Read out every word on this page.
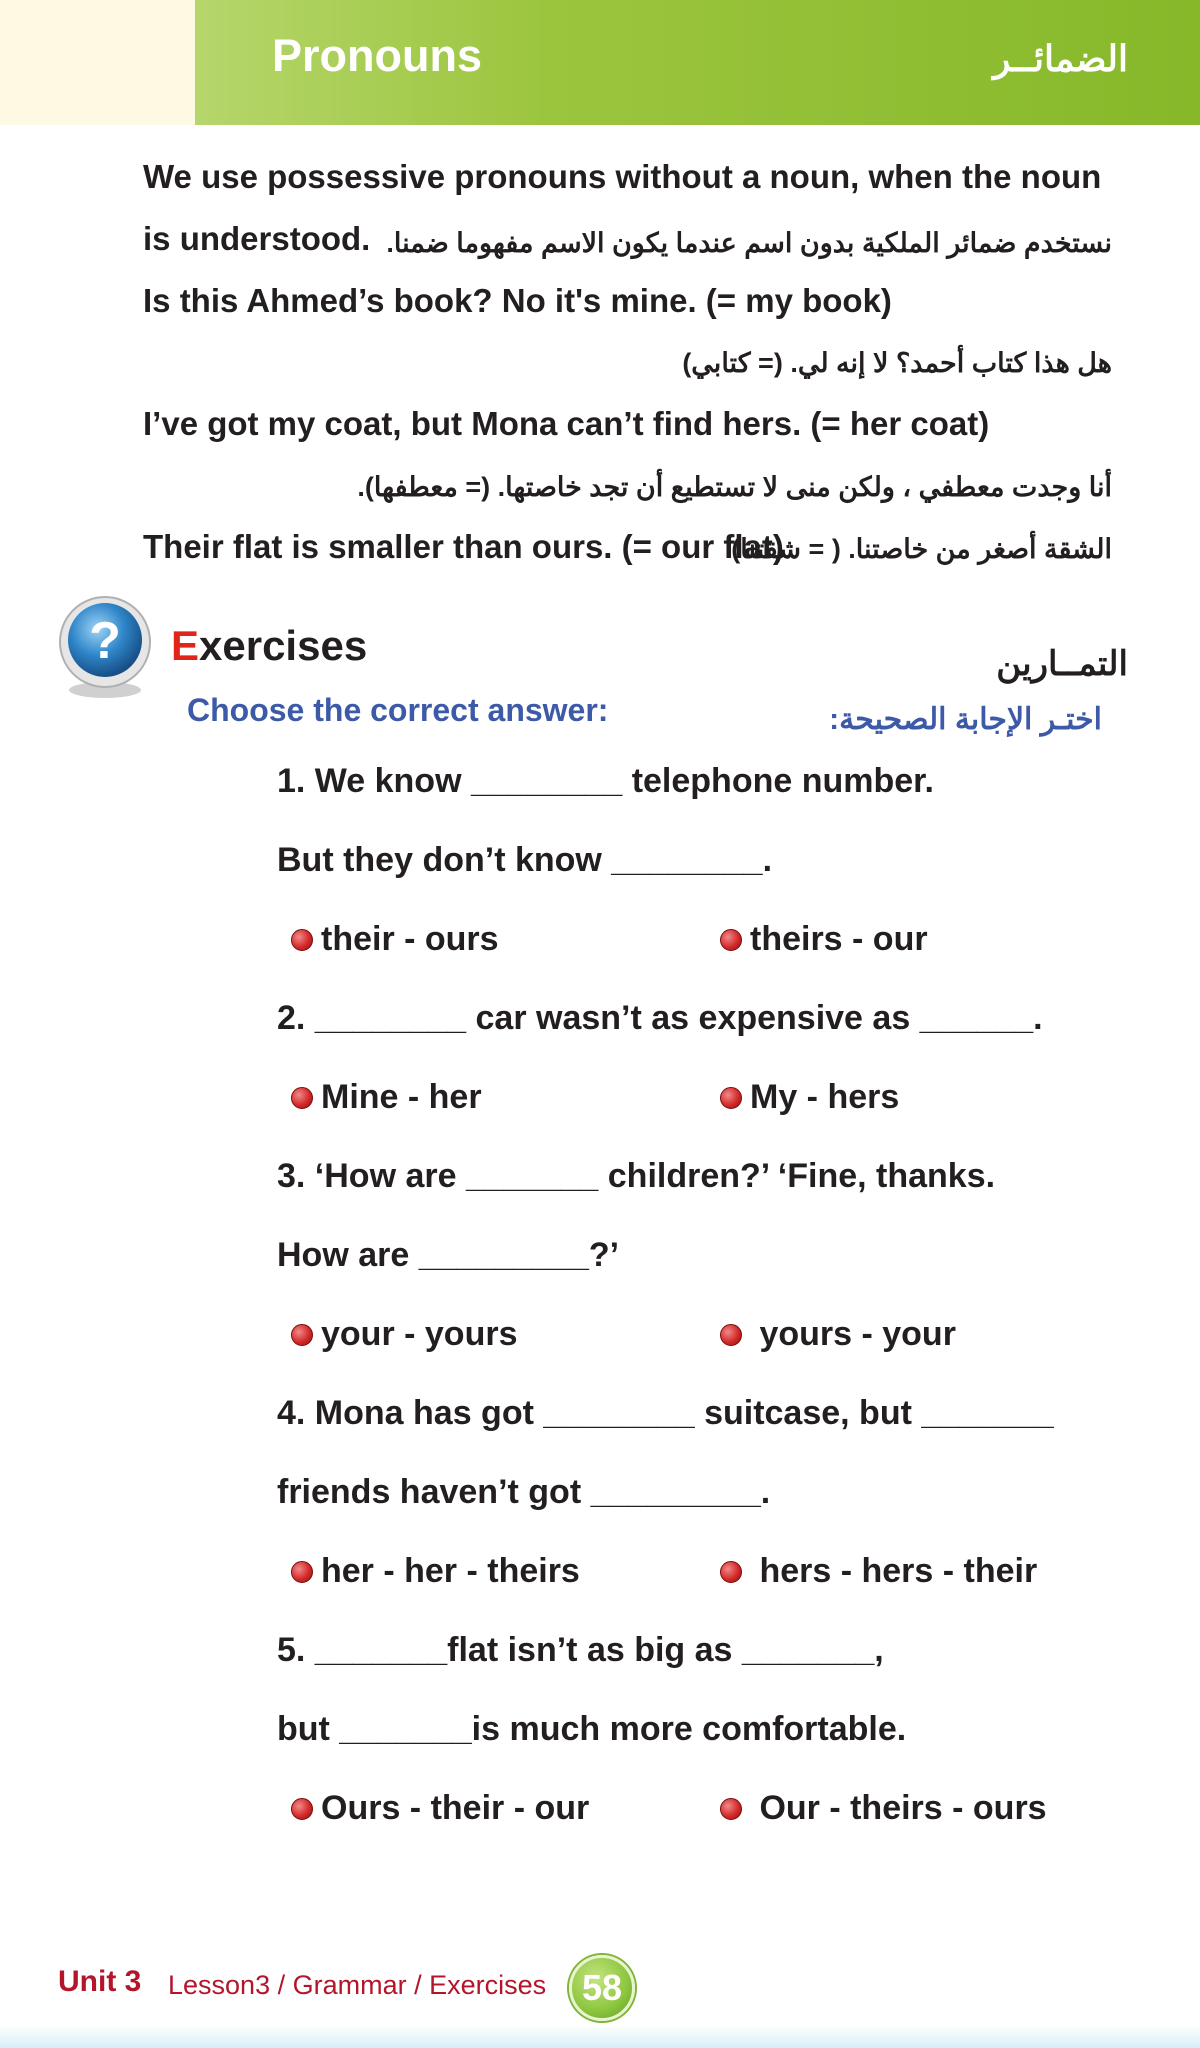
Pronouns	الضمائــر
We use possessive pronouns without a noun, when the noun
is understood. نستخدم ضمائر الملكية بدون اسم عندما يكون الاسم مفهوما ضمنا.
Is this Ahmed’s book? No it's mine. (= my book)
هل هذا كتاب أحمد؟ لا إنه لي. (= كتابي)
I’ve got my coat, but Mona can’t find hers. (= her coat)
أنا وجدت معطفي ، ولكن منى لا تستطيع أن تجد خاصتها. (= معطفها).
Their flat is smaller than ours. (= our flat)
الشقة أصغر من خاصتنا. ( = شقتنا)
? Exercises	التمــارين
Choose the correct answer:	اختـر الإجابة الصحيحة:
1. We know ________ telephone number.
But they don’t know ________.
their - ours	theirs - our
2. ________ car wasn’t as expensive as ______.
Mine - her	My - hers
3. ‘How are _______ children?’ ‘Fine, thanks.
How are _________?’
your - yours	yours - your
4. Mona has got ________ suitcase, but _______
friends haven’t got _________.
her - her - theirs	hers - hers - their
5. _______flat isn’t as big as _______,
but _______is much more comfortable.
Ours - their - our	Our - theirs - ours
Unit 3 Lesson3 / Grammar / Exercises 58
